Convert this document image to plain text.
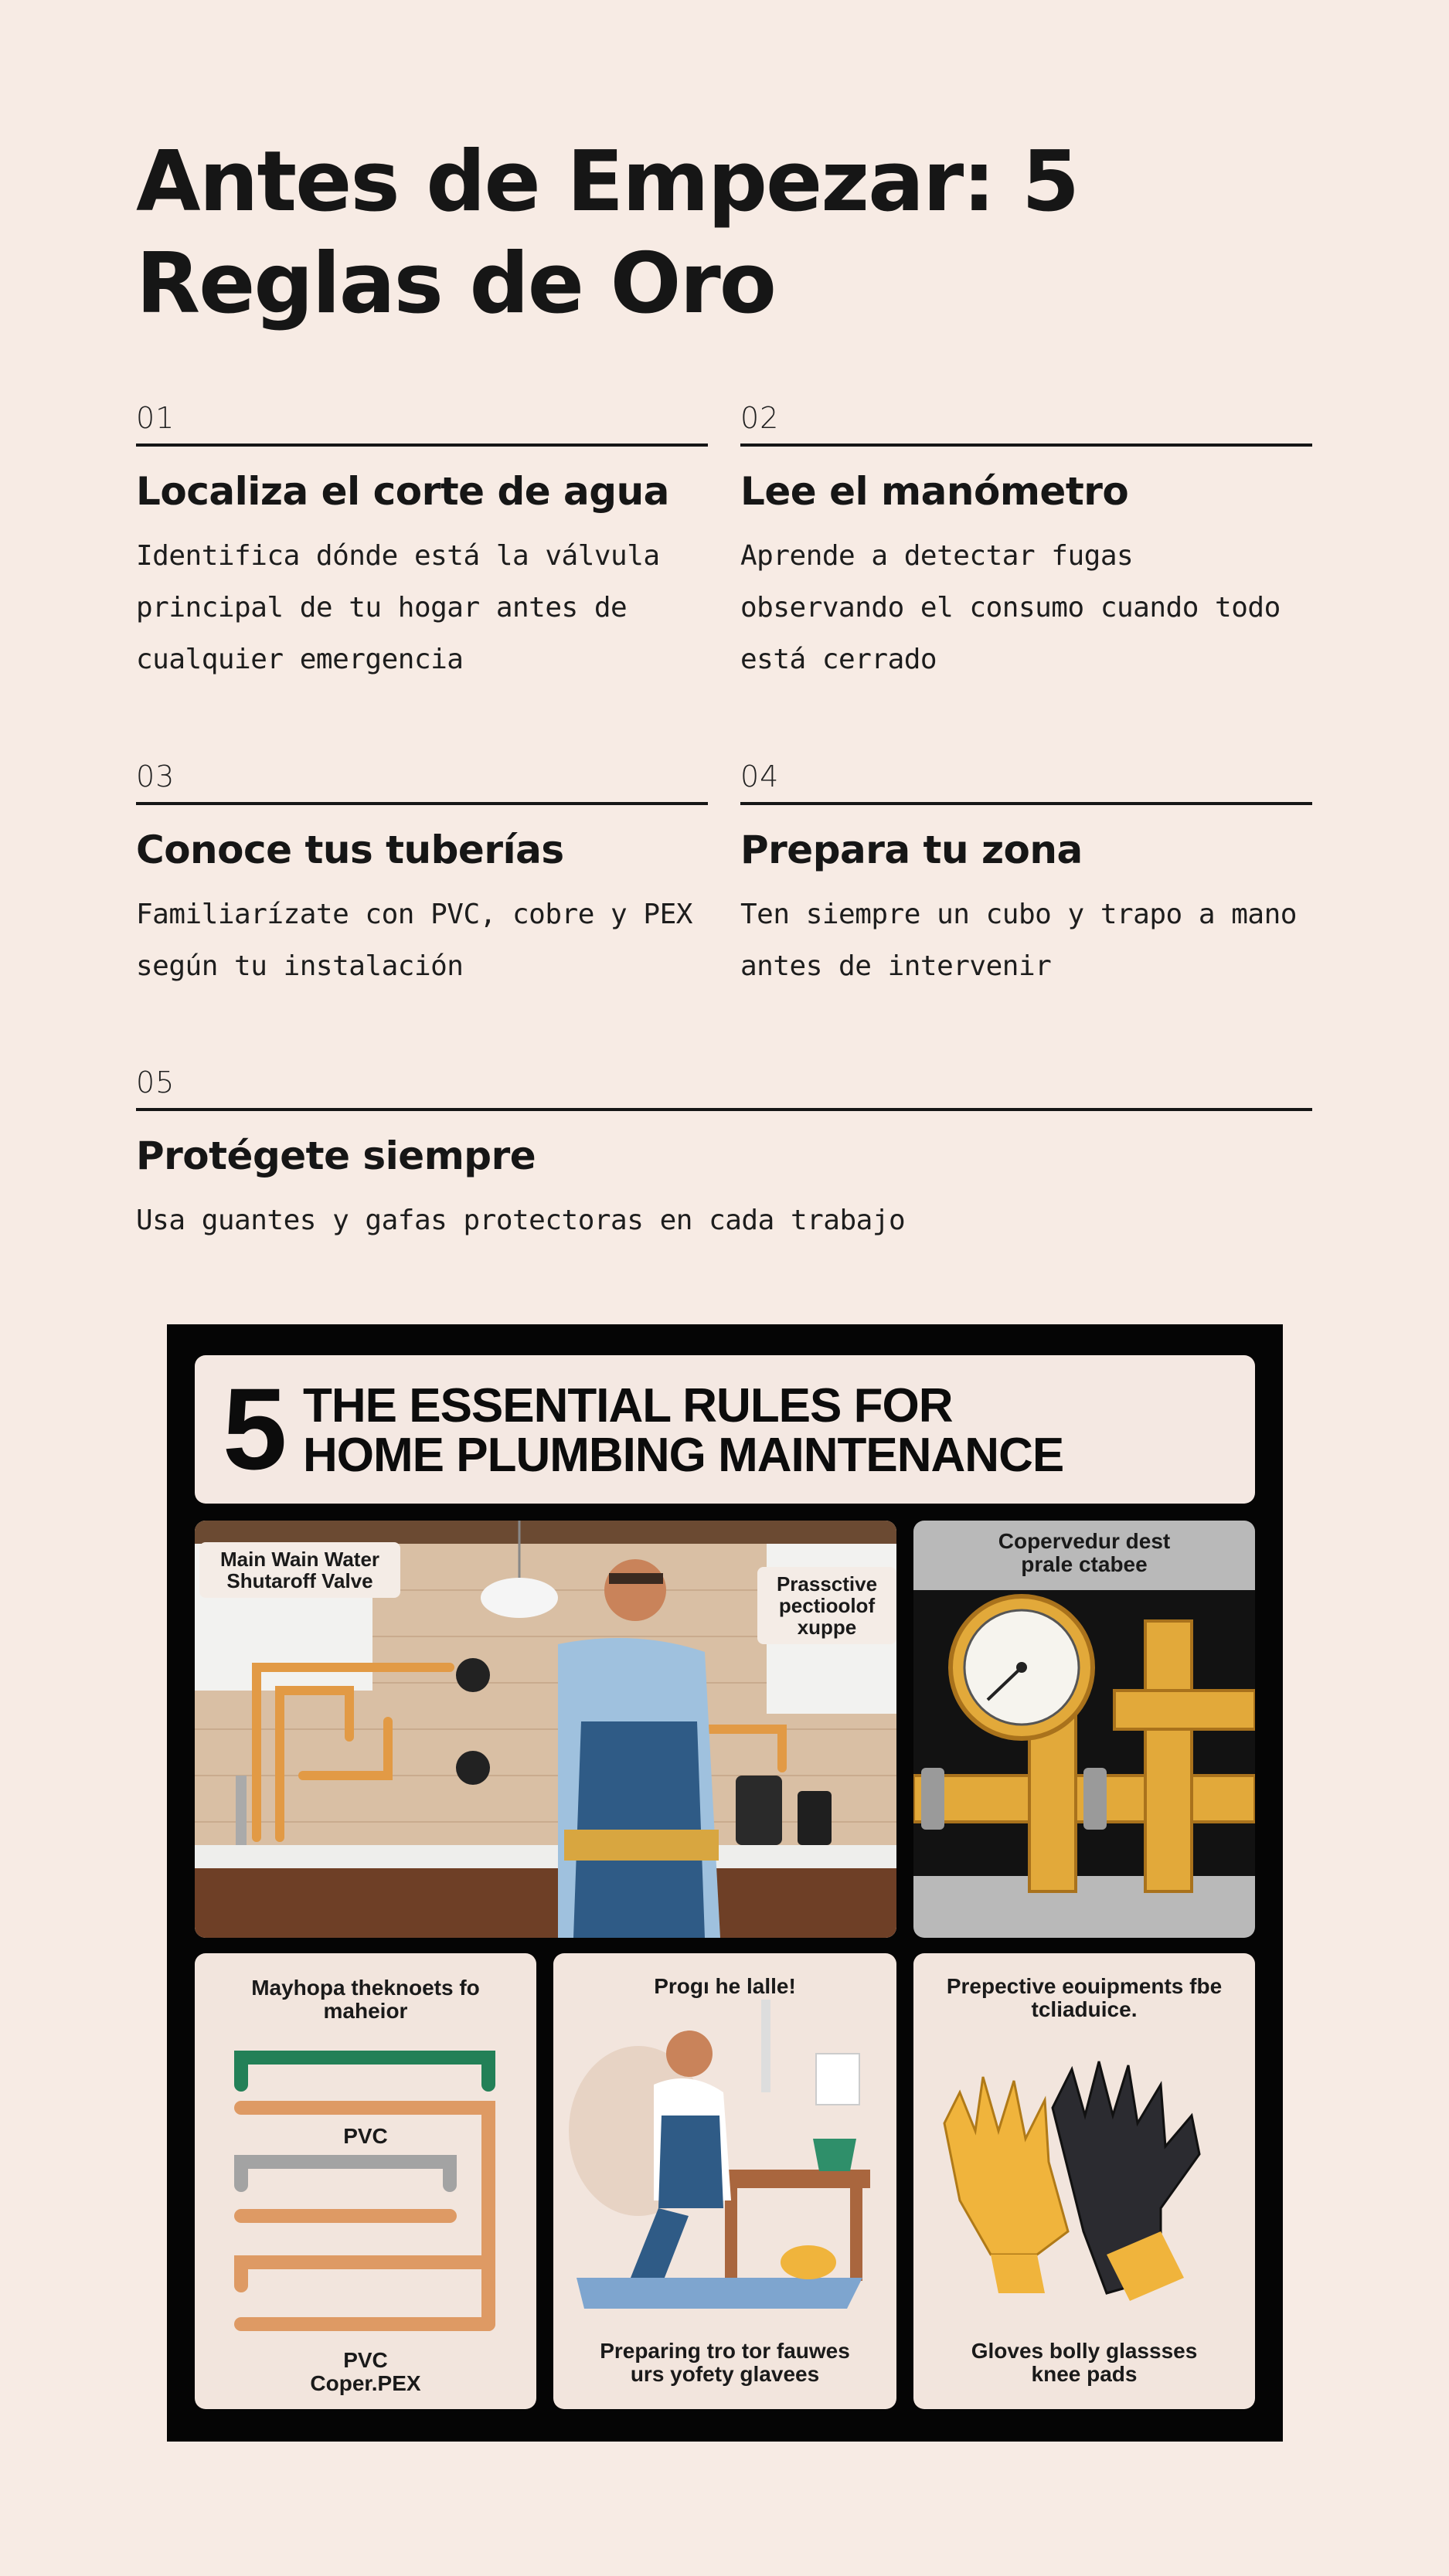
Antes de Empezar: 5 Reglas de Oro
01
Localiza el corte de agua
Identifica dónde está la válvula principal de tu hogar antes de cualquier emergencia
02
Lee el manómetro
Aprende a detectar fugas observando el consumo cuando todo está cerrado
03
Conoce tus tuberías
Familiarízate con PVC, cobre y PEX según tu instalación
04
Prepara tu zona
Ten siempre un cubo y trapo a mano antes de intervenir
05
Protégete siempre
Usa guantes y gafas protectoras en cada trabajo
5 THE ESSENTIAL RULES FOR
HOME PLUMBING MAINTENANCE
Main Wain Water Shutaroff Valve	Prassctive pectioolof xuppe
Copervedur dest prale ctabee
Mayhopa theknoets fo maheior
PVC
PVC Coper.PEX
Progı he lalle!
Preparing tro tor fauwes urs yofety glavees
Prepective eouipments fbe tcliaduice.
Gloves bolly glassses knee pads
